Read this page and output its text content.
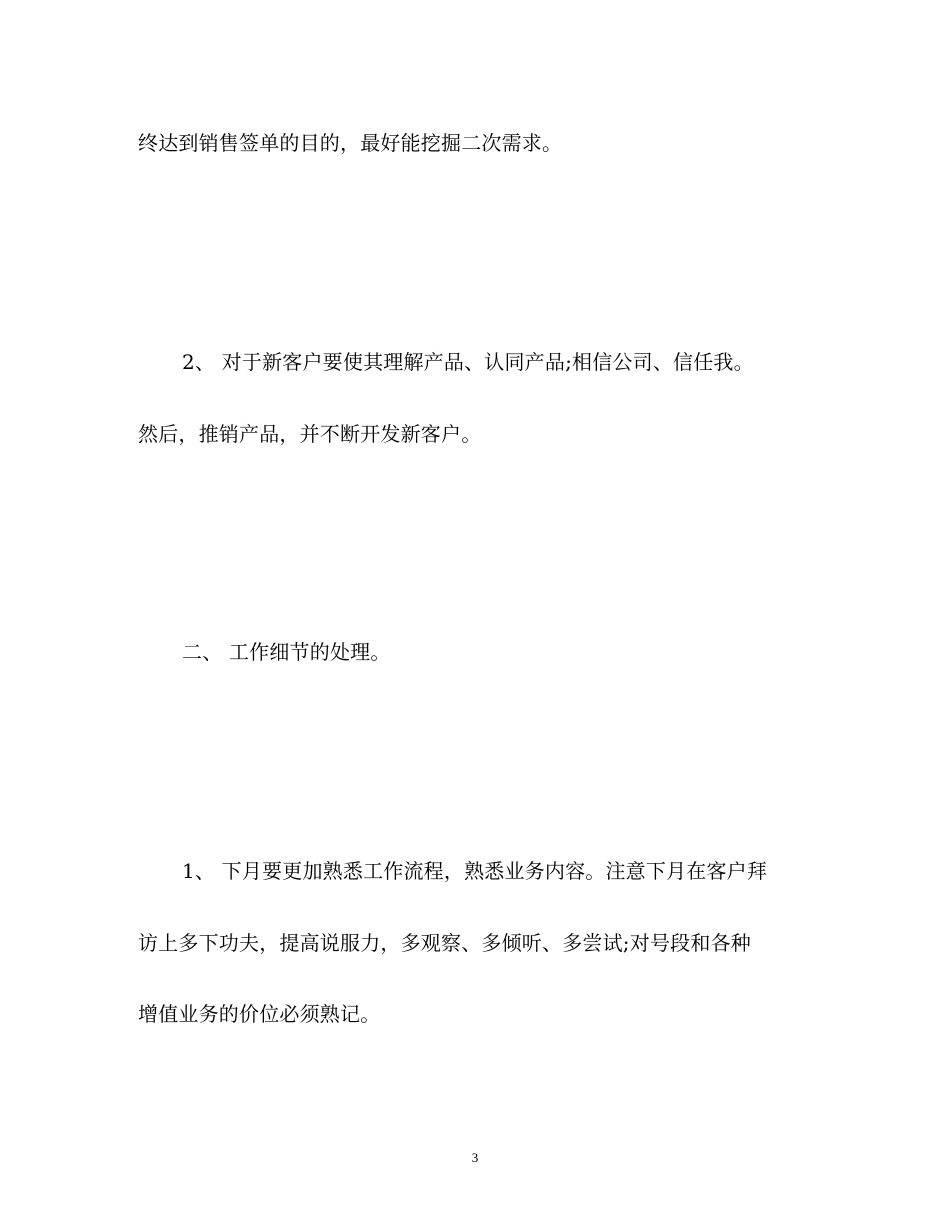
终达到销售签单的目的，最好能挖掘二次需求。
2、 对于新客户要使其理解产品、认同产品;相信公司、信任我。
然后，推销产品，并不断开发新客户。
二、 工作细节的处理。
1、 下月要更加熟悉工作流程，熟悉业务内容。注意下月在客户拜
访上多下功夫，提高说服力，多观察、多倾听、多尝试;对号段和各种
增值业务的价位必须熟记。
3
